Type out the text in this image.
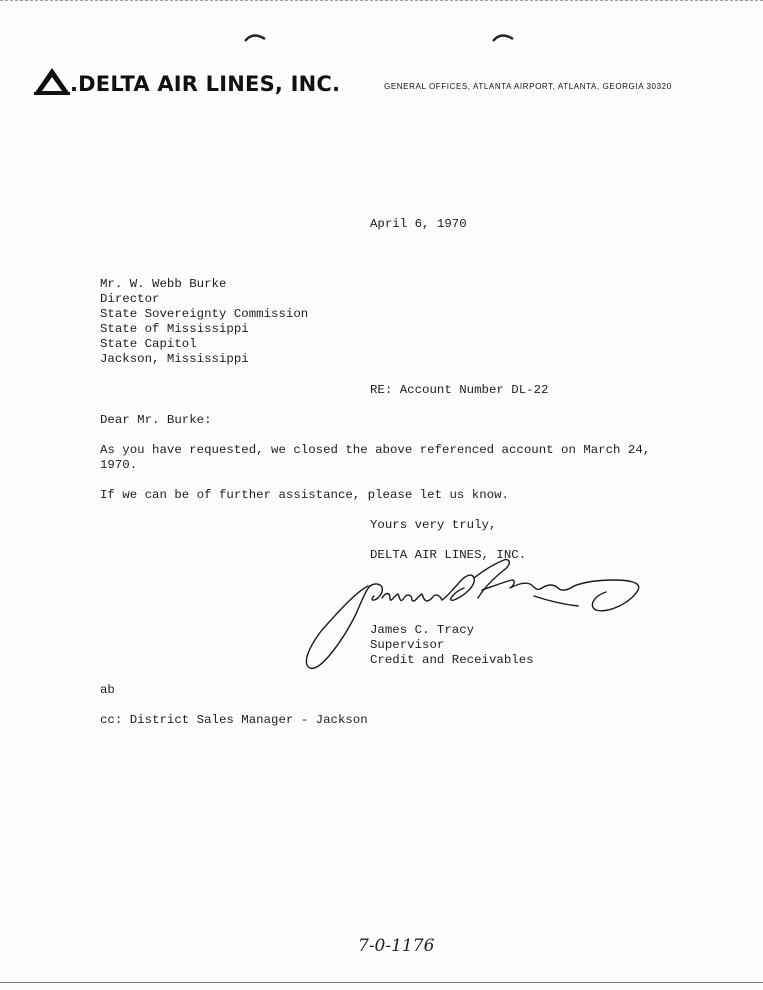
.DELTA AIR LINES, INC.	GENERAL OFFICES, ATLANTA AIRPORT, ATLANTA, GEORGIA 30320
April 6, 1970
Mr. W. Webb Burke
Director
State Sovereignty Commission
State of Mississippi
State Capitol
Jackson, Mississippi
RE: Account Number DL-22
Dear Mr. Burke:
As you have requested, we closed the above referenced account on March 24,
1970.
If we can be of further assistance, please let us know.
Yours very truly,
DELTA AIR LINES, INC.
James C. Tracy
Supervisor
Credit and Receivables
ab
cc: District Sales Manager - Jackson
7-0-1176
